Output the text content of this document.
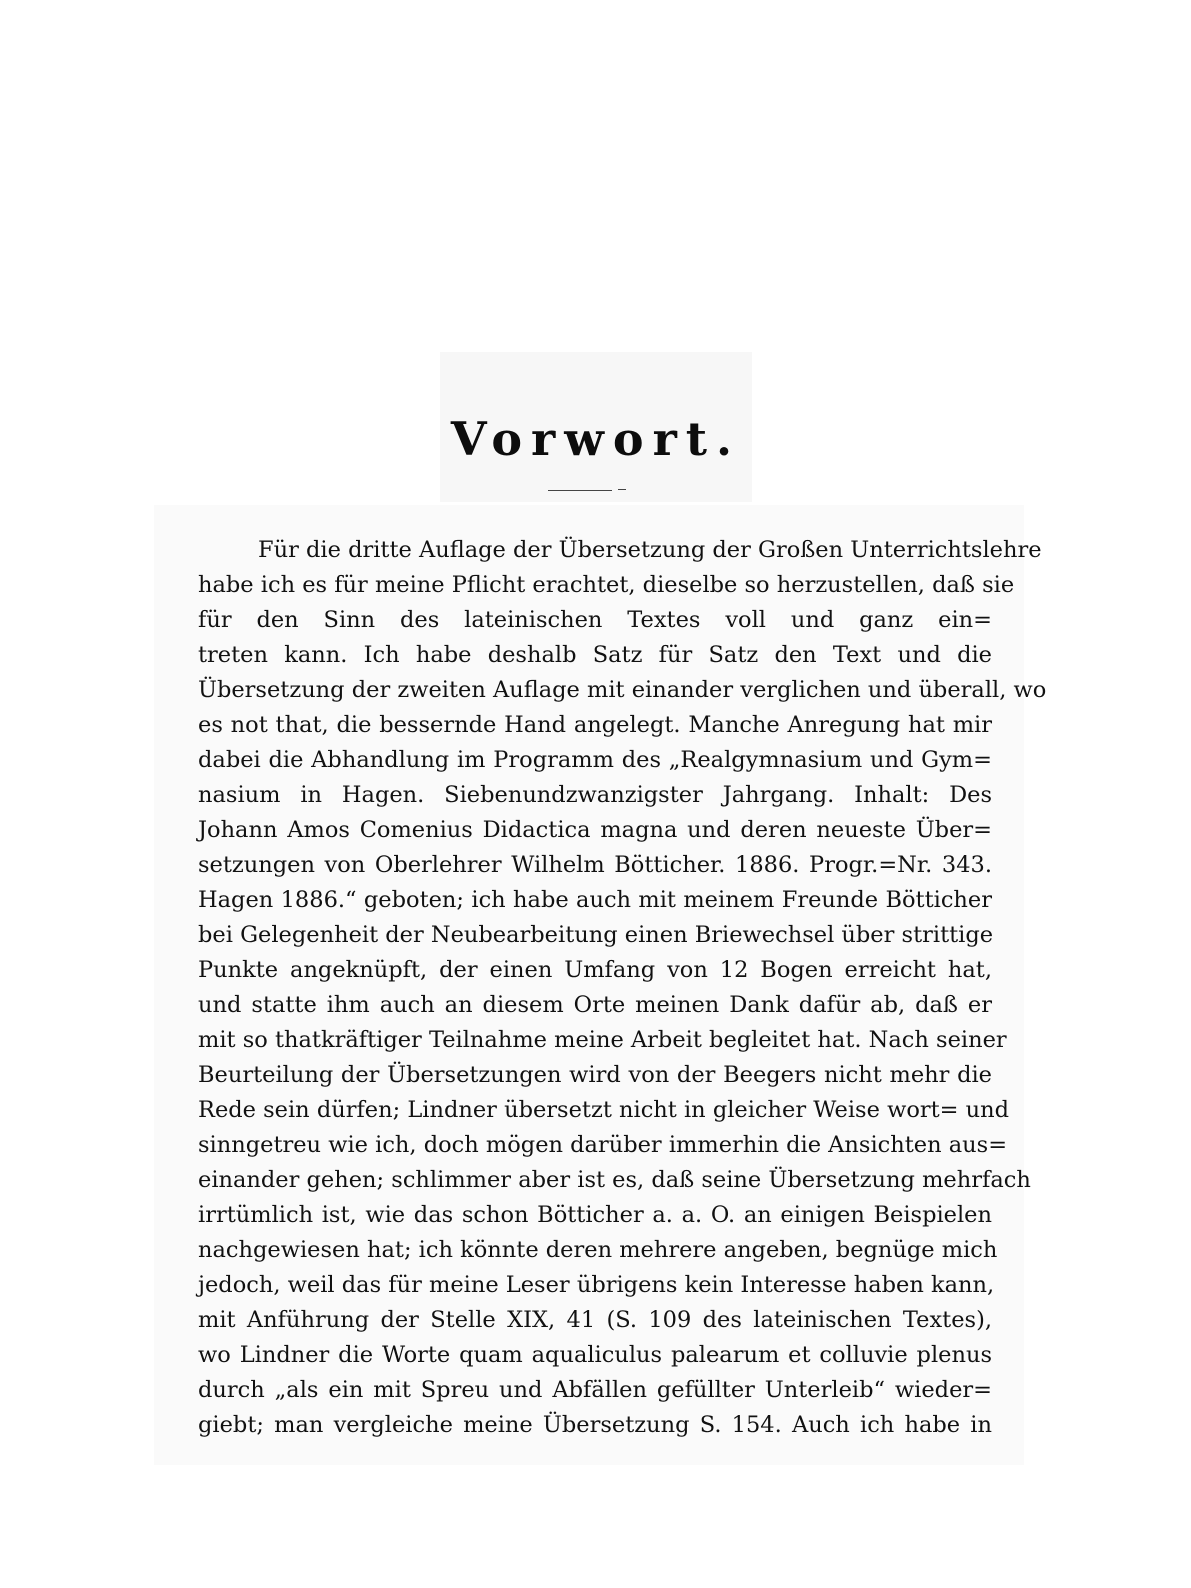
Vorwort.
Für die dritte Auflage der Übersetzung der Großen Unterrichtslehre
habe ich es für meine Pflicht erachtet, dieselbe so herzustellen, daß sie
für den Sinn des lateinischen Textes voll und ganz ein=
treten kann. Ich habe deshalb Satz für Satz den Text und die
Übersetzung der zweiten Auflage mit einander verglichen und überall, wo
es not that, die bessernde Hand angelegt. Manche Anregung hat mir
dabei die Abhandlung im Programm des „Realgymnasium und Gym=
nasium in Hagen. Siebenundzwanzigster Jahrgang. Inhalt: Des
Johann Amos Comenius Didactica magna und deren neueste Über=
setzungen von Oberlehrer Wilhelm Bötticher. 1886. Progr.=Nr. 343.
Hagen 1886.“ geboten; ich habe auch mit meinem Freunde Bötticher
bei Gelegenheit der Neubearbeitung einen Briewechsel über strittige
Punkte angeknüpft, der einen Umfang von 12 Bogen erreicht hat,
und statte ihm auch an diesem Orte meinen Dank dafür ab, daß er
mit so thatkräftiger Teilnahme meine Arbeit begleitet hat. Nach seiner
Beurteilung der Übersetzungen wird von der Beegers nicht mehr die
Rede sein dürfen; Lindner übersetzt nicht in gleicher Weise wort= und
sinngetreu wie ich, doch mögen darüber immerhin die Ansichten aus=
einander gehen; schlimmer aber ist es, daß seine Übersetzung mehrfach
irrtümlich ist, wie das schon Bötticher a. a. O. an einigen Beispielen
nachgewiesen hat; ich könnte deren mehrere angeben, begnüge mich
jedoch, weil das für meine Leser übrigens kein Interesse haben kann,
mit Anführung der Stelle XIX, 41 (S. 109 des lateinischen Textes),
wo Lindner die Worte quam aqualiculus palearum et colluvie plenus
durch „als ein mit Spreu und Abfällen gefüllter Unterleib“ wieder=
giebt; man vergleiche meine Übersetzung S. 154. Auch ich habe in
